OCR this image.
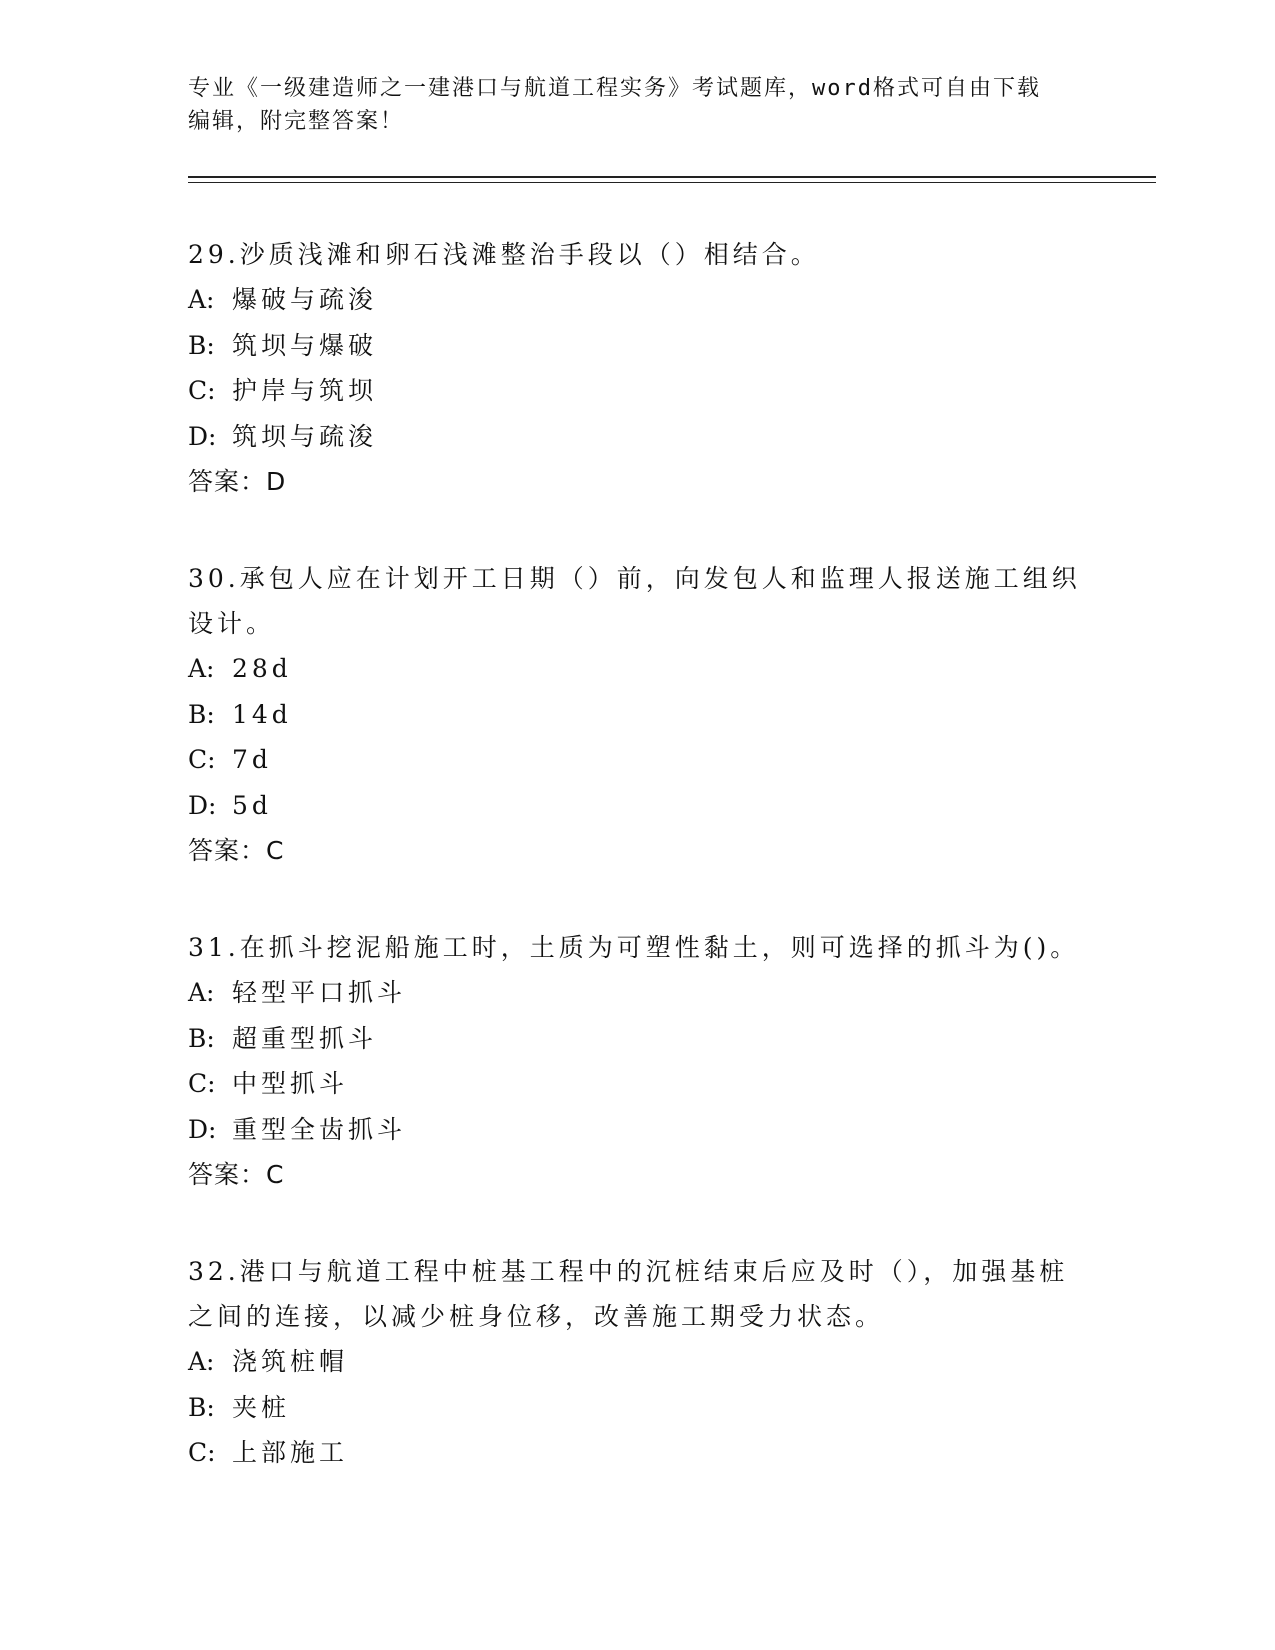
专业《一级建造师之一建港口与航道工程实务》考试题库，word格式可自由下载
编辑，附完整答案！

29.沙质浅滩和卵石浅滩整治手段以（）相结合。

A: 爆破与疏浚

B: 筑坝与爆破

C: 护岸与筑坝

D: 筑坝与疏浚

答案：D

30.承包人应在计划开工日期（）前，向发包人和监理人报送施工组织设计。

A: 28d

B: 14d

C: 7d

D: 5d

答案：C

31.在抓斗挖泥船施工时，土质为可塑性黏土，则可选择的抓斗为()。

A: 轻型平口抓斗

B: 超重型抓斗

C: 中型抓斗

D: 重型全齿抓斗

答案：C

32.港口与航道工程中桩基工程中的沉桩结束后应及时（），加强基桩之间的连接，以减少桩身位移，改善施工期受力状态。

A: 浇筑桩帽

B: 夹桩

C: 上部施工
